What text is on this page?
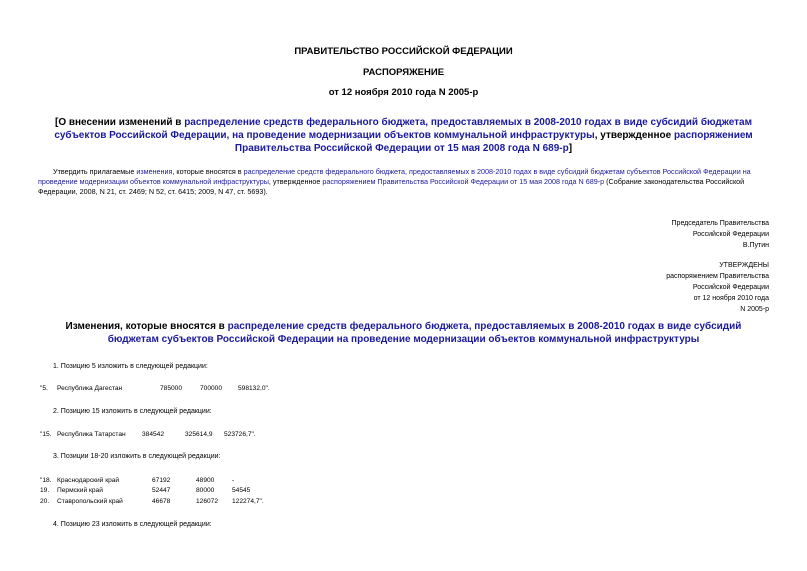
ПРАВИТЕЛЬСТВО РОССИЙСКОЙ ФЕДЕРАЦИИ
РАСПОРЯЖЕНИЕ
от 12 ноября 2010 года N 2005-р
[О внесении изменений в распределение средств федерального бюджета, предоставляемых в 2008-2010 годах в виде субсидий бюджетам субъектов Российской Федерации, на проведение модернизации объектов коммунальной инфраструктуры, утвержденное распоряжением Правительства Российской Федерации от 15 мая 2008 года N 689-р]
Утвердить прилагаемые изменения, которые вносятся в распределение средств федерального бюджета, предоставляемых в 2008-2010 годах в виде субсидий бюджетам субъектов Российской Федерации на проведение модернизации объектов коммунальной инфраструктуры, утвержденное распоряжением Правительства Российской Федерации от 15 мая 2008 года N 689-р (Собрание законодательства Российской Федерации, 2008, N 21, ст. 2469; N 52, ст. 6415; 2009, N 47, ст. 5693).
Председатель Правительства
Российской Федерации
В.Путин
УТВЕРЖДЕНЫ
распоряжением Правительства
Российской Федерации
от 12 ноября 2010 года
N 2005-р
Изменения, которые вносятся в распределение средств федерального бюджета, предоставляемых в 2008-2010 годах в виде субсидий бюджетам субъектов Российской Федерации на проведение модернизации объектов коммунальной инфраструктуры
1. Позицию 5 изложить в следующей редакции:
"5. Республика Дагестан	785000	700000 598132,0".
2. Позицию 15 изложить в следующей редакции:
"15. Республика Татарстан 384542	325614,9 523726,7".
3. Позиции 18-20 изложить в следующей редакции:
"18. Краснодарский край	67192	48900	-
19. Пермский край	52447	80000	54545
20. Ставропольский край	46678	126072 122274,7".
4. Позицию 23 изложить в следующей редакции:
